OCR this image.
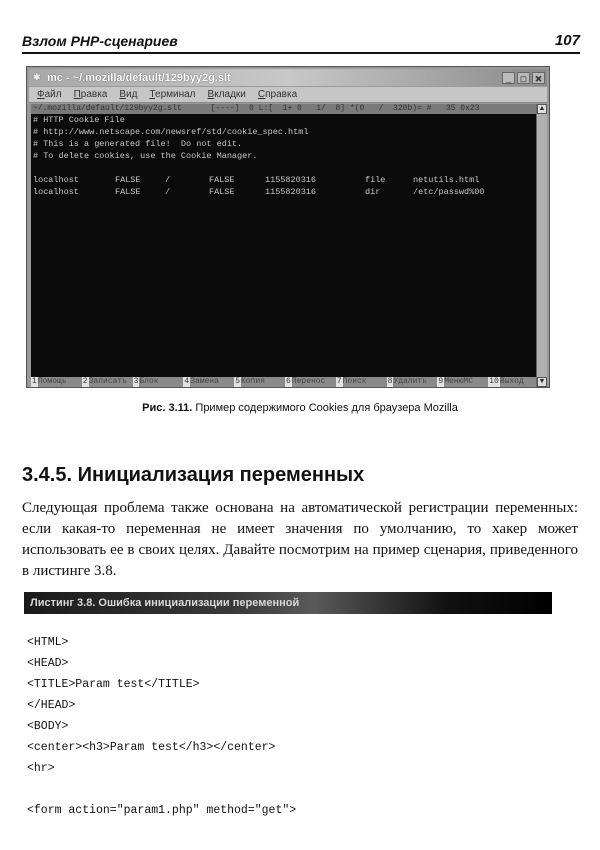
Взлом PHP-сценариев	107
✱ mc - ~/.mozilla/default/129byy2g.slt	_	□ ✕
Файл Правка Вид Терминал Вкладки Справка
~/.mozilla/default/129byy2g.slt      [----]  0 L:[  1+ 0   1/  8] *(0   /  320b)= #   35 0x23
# HTTP Cookie File
# http://www.netscape.com/newsref/std/cookie_spec.html
# This is a generated file!  Do not edit.
# To delete cookies, use the Cookie Manager.
localhost	FALSE	/	FALSE	1155820316	file	netutils.html
localhost	FALSE	/	FALSE	1155820316	dir	/etc/passwd%00
1 Помощь	2 Записать 3 Блок	4 Замена	5 Копия	6 Перенос	7 Поиск	8 Удалить	9 МенюMC	10 Выход
▲
▼
Рис. 3.11. Пример содержимого Cookies для браузера Mozilla
3.4.5. Инициализация переменных

Следующая проблема также основана на автоматической регистрации переменных: если какая-то переменная не имеет значения по умолчанию, то хакер может использовать ее в своих целях. Давайте посмотрим на пример сценария, приведенного в листинге 3.8.

Листинг 3.8. Ошибка инициализации переменной
<HTML>
<HEAD>
<TITLE>Param test</TITLE>
</HEAD>
<BODY>
<center><h3>Param test</h3></center>
<hr>
<form action="param1.php" method="get">
